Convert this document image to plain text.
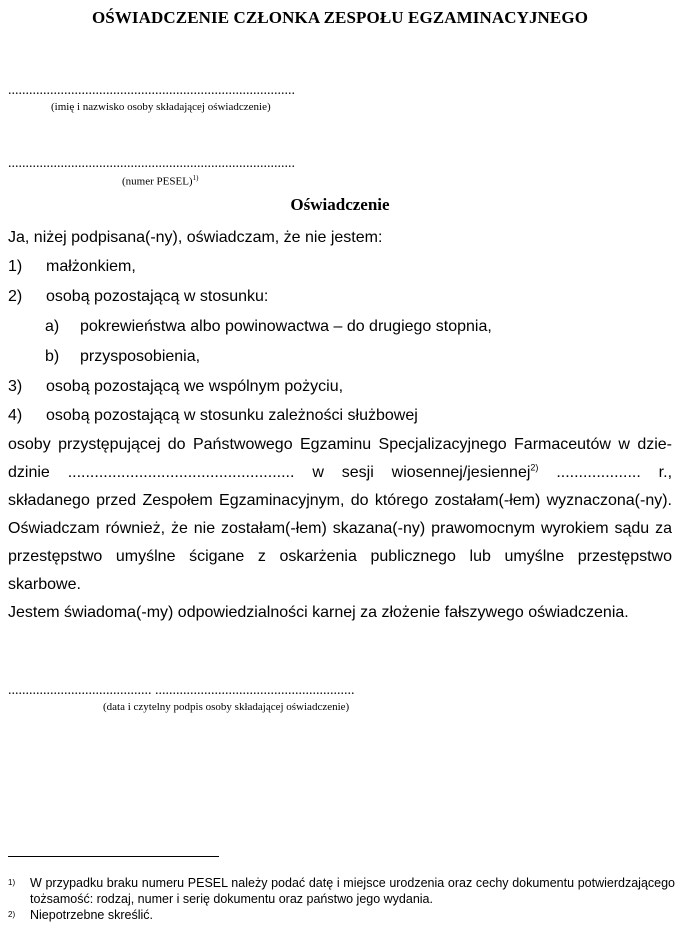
OŚWIADCZENIE CZŁONKA ZESPOŁU EGZAMINACYJNEGO
..................................................................................
(imię i nazwisko osoby składającej oświadczenie)
..................................................................................
(numer PESEL)$^{1)}$
Oświadczenie
Ja, niżej podpisana(-ny), oświadczam, że nie jestem:
1) małżonkiem,
2) osobą pozostającą w stosunku:
a) pokrewieństwa albo powinowactwa – do drugiego stopnia,
b) przysposobienia,
3) osobą pozostającą we wspólnym pożyciu,
4) osobą pozostającą w stosunku zależności służbowej
osoby przystępującej do Państwowego Egzaminu Specjalizacyjnego Farmaceutów w dzie-
dzinie ................................................... w sesji wiosennej/jesiennej$^{2)}$ ................... r.,
składanego przed Zespołem Egzaminacyjnym, do którego zostałam(-łem) wyznaczona(-ny).
Oświadczam również, że nie zostałam(-łem) skazana(-ny) prawomocnym wyrokiem sądu za
przestępstwo umyślne ścigane z oskarżenia publicznego lub umyślne przestępstwo skarbowe.
Jestem świadoma(-my) odpowiedzialności karnej za złożenie fałszywego oświadczenia.
......................................... .........................................................
(data i czytelny podpis osoby składającej oświadczenie)
1) W przypadku braku numeru PESEL należy podać datę i miejsce urodzenia oraz cechy dokumentu potwierdzającego tożsamość: rodzaj, numer i serię dokumentu oraz państwo jego wydania.
2) Niepotrzebne skreślić.
